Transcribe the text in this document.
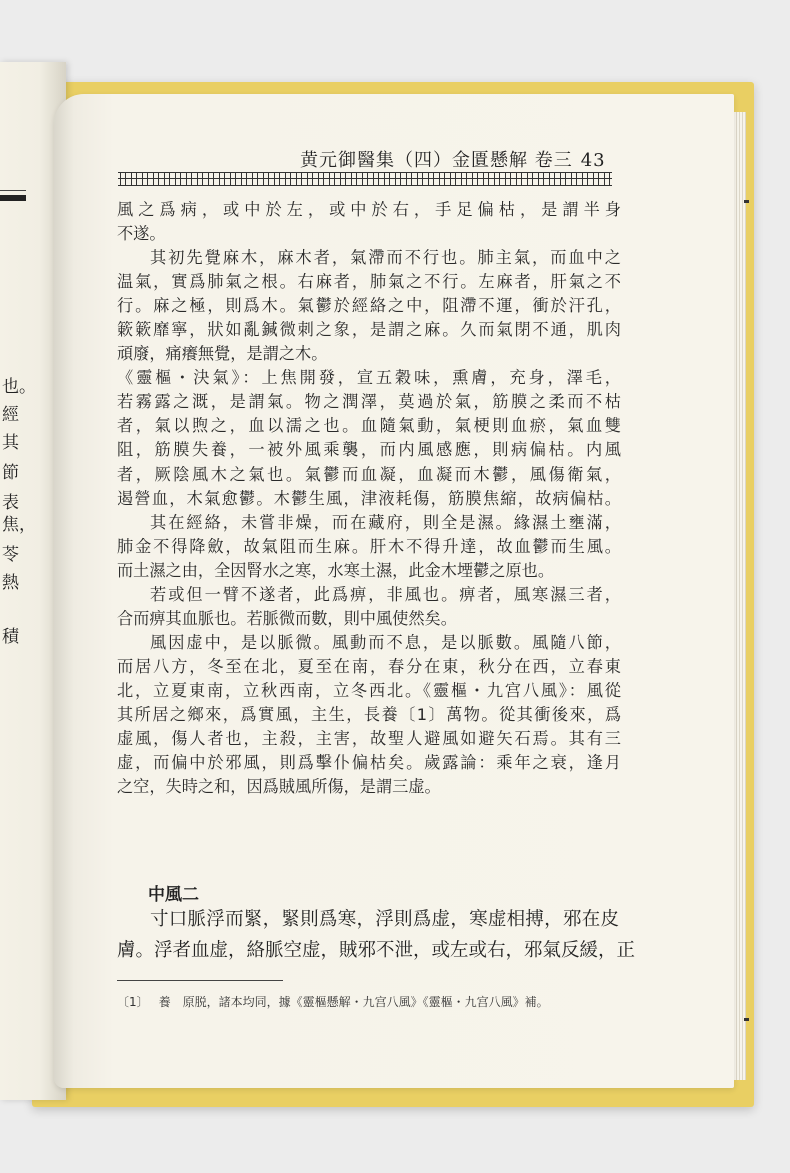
也。
經
其
節
表
焦，
苓
熱
積
黄元御醫集（四）金匱懸解 卷三 43
風之爲病，或中於左，或中於右，手足偏枯，是謂半身
不遂。
其初先覺麻木，麻木者，氣滯而不行也。肺主氣，而血中之
温氣，實爲肺氣之根。右麻者，肺氣之不行。左麻者，肝氣之不
行。麻之極，則爲木。氣鬱於經絡之中，阻滯不運，衝於汗孔，
簌簌靡寧，狀如亂鍼微刺之象，是謂之麻。久而氣閉不通，肌肉
頑廢，痛癢無覺，是謂之木。
《靈樞・決氣》：上焦開發，宣五穀味，熏膚，充身，澤毛，
若霧露之溉，是謂氣。物之潤澤，莫過於氣，筋膜之柔而不枯
者，氣以煦之，血以濡之也。血隨氣動，氣梗則血瘀，氣血雙
阻，筋膜失養，一被外風乘襲，而内風感應，則病偏枯。内風
者，厥陰風木之氣也。氣鬱而血凝，血凝而木鬱，風傷衛氣，
遏營血，木氣愈鬱。木鬱生風，津液耗傷，筋膜焦縮，故病偏枯。
其在經絡，未嘗非燥，而在藏府，則全是濕。緣濕土壅滿，
肺金不得降斂，故氣阻而生麻。肝木不得升達，故血鬱而生風。
而土濕之由，全因腎水之寒，水寒土濕，此金木堙鬱之原也。
若或但一臂不遂者，此爲痹，非風也。痹者，風寒濕三者，
合而痹其血脈也。若脈微而數，則中風使然矣。
風因虚中，是以脈微。風動而不息，是以脈數。風隨八節，
而居八方，冬至在北，夏至在南，春分在東，秋分在西，立春東
北，立夏東南，立秋西南，立冬西北。《靈樞・九宫八風》：風從
其所居之鄉來，爲實風，主生，長養〔1〕萬物。從其衝後來，爲
虚風，傷人者也，主殺，主害，故聖人避風如避矢石焉。其有三
虚，而偏中於邪風，則爲擊仆偏枯矣。歲露論：乘年之衰，逢月
之空，失時之和，因爲賊風所傷，是謂三虚。
中風二
寸口脈浮而緊，緊則爲寒，浮則爲虚，寒虚相搏，邪在皮
膚。浮者血虚，絡脈空虚，賊邪不泄，或左或右，邪氣反緩，正
〔1〕 養　原脱，諸本均同，據《靈樞懸解・九宫八風》《靈樞・九宫八風》補。
